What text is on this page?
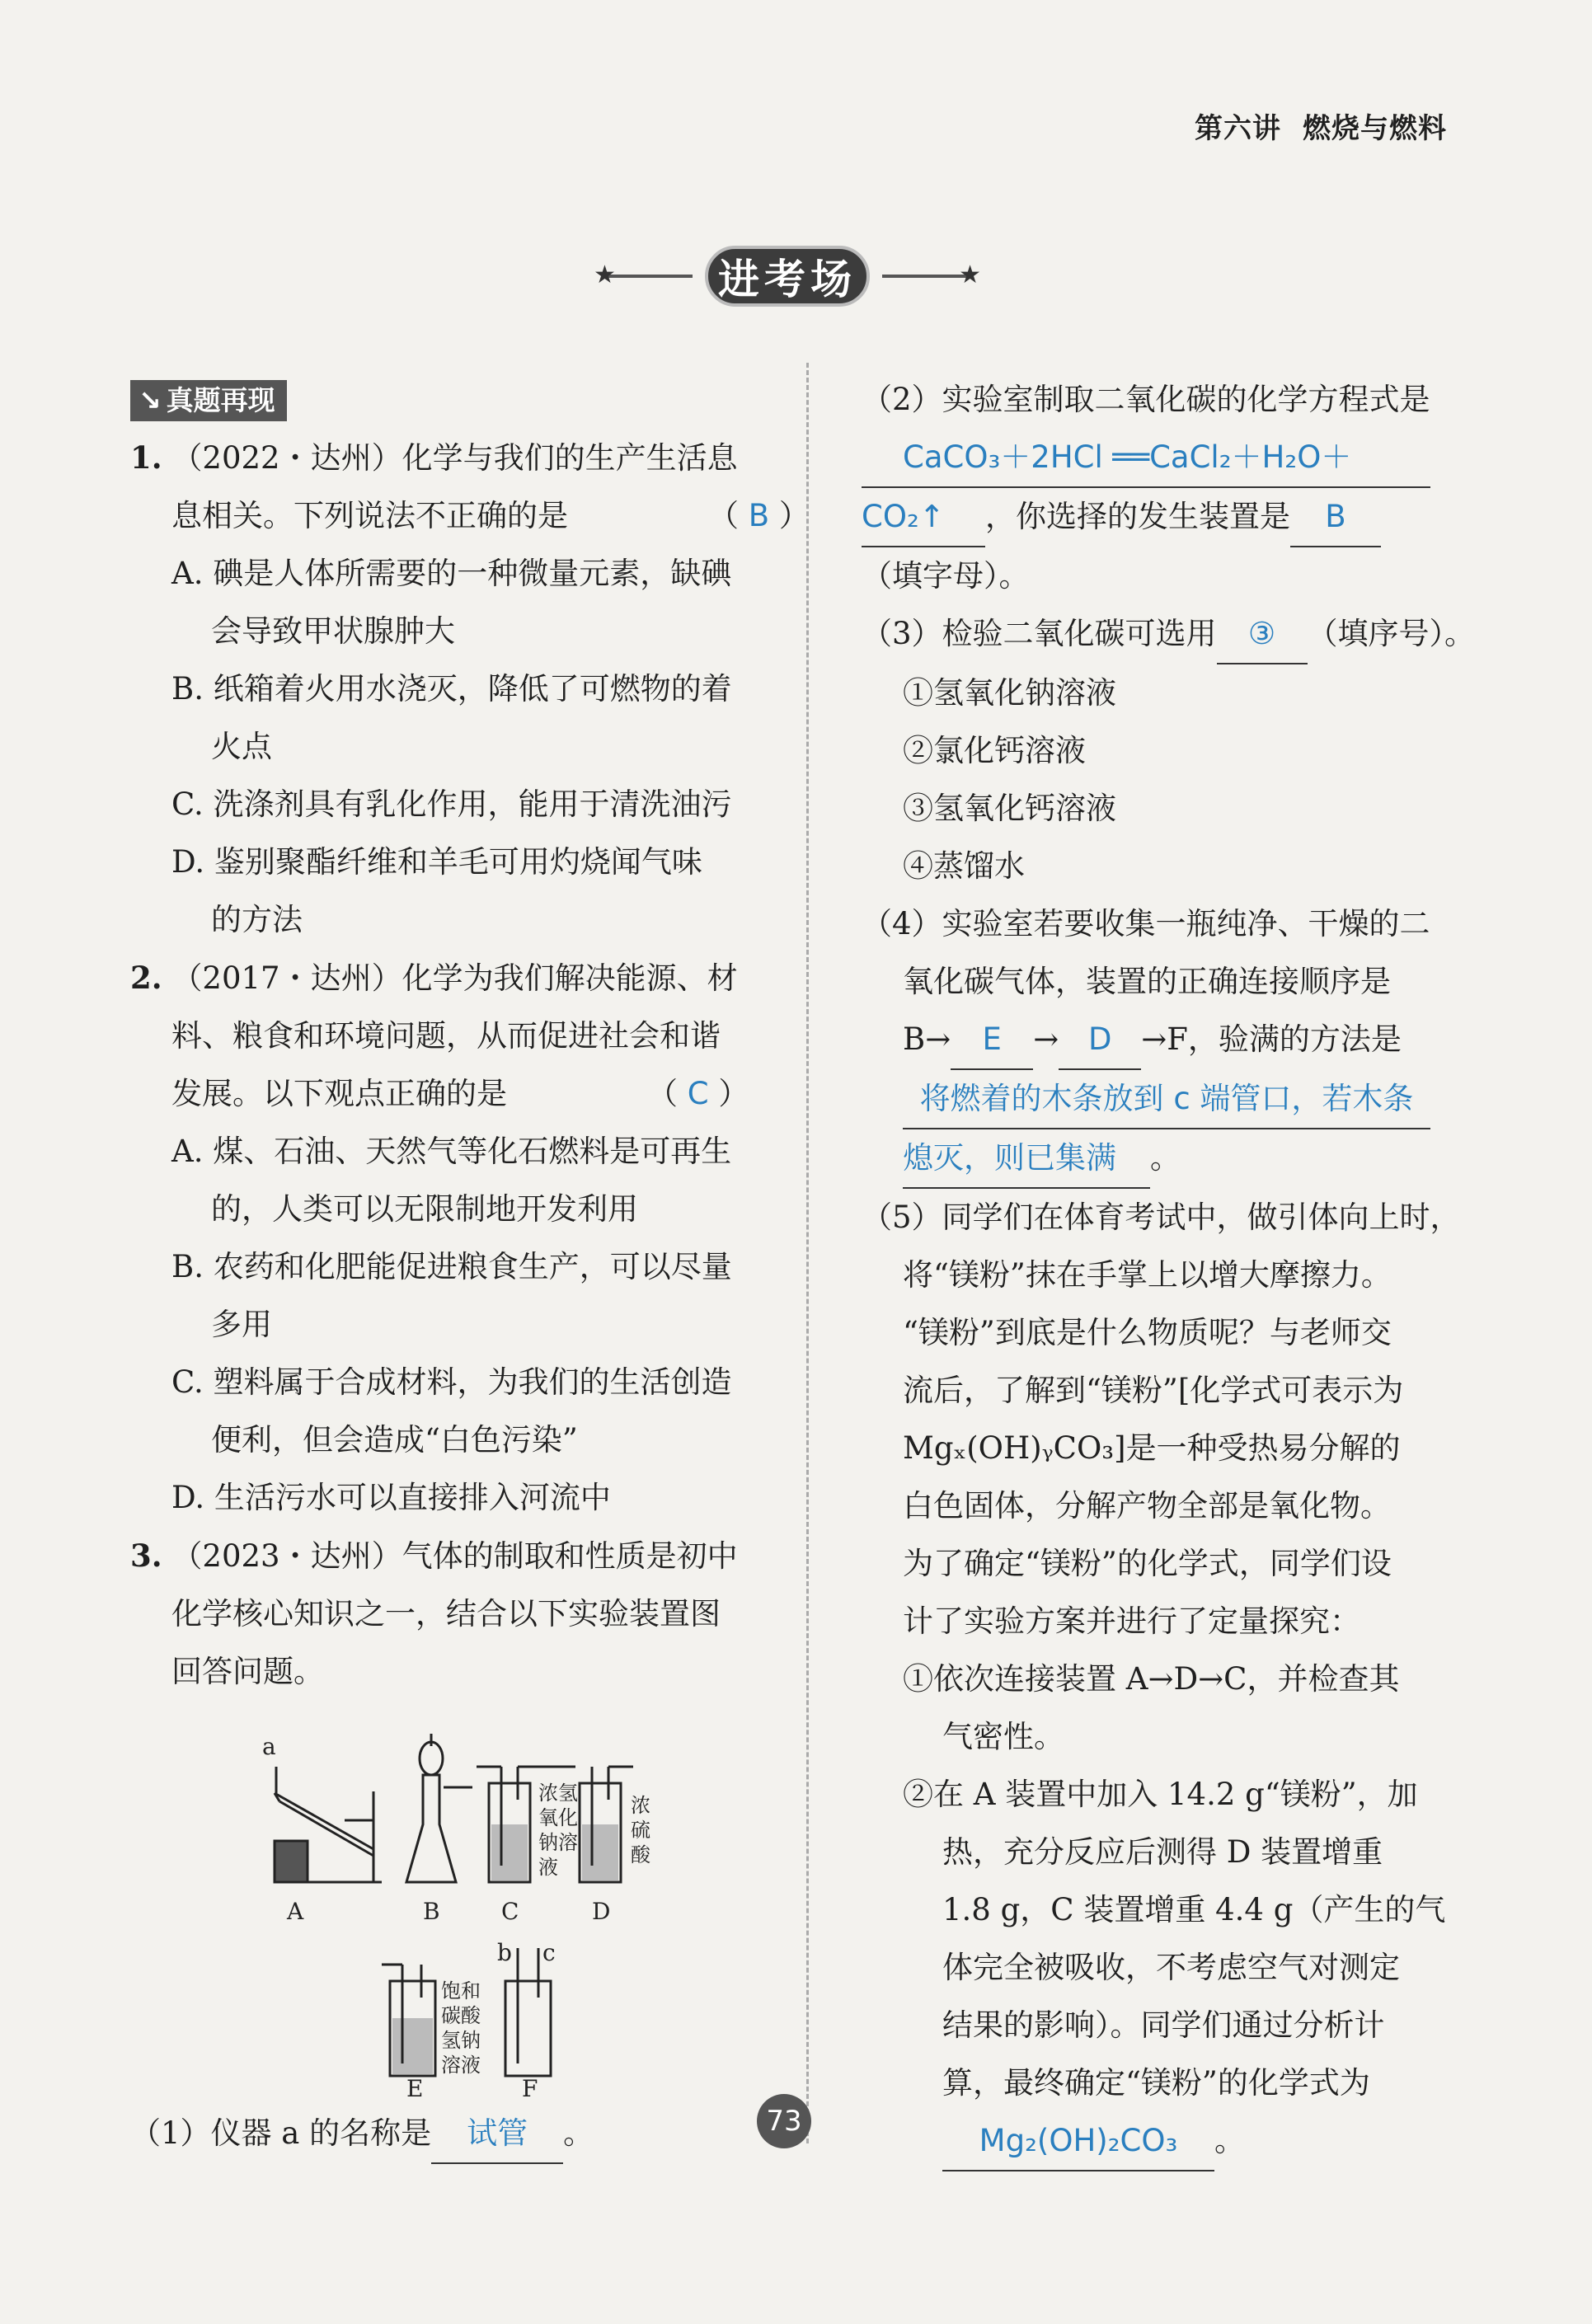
第六讲 燃烧与燃料
★	★
进考场
↘ 真题再现
1. （2022・达州）化学与我们的生产生活息
息相关。下列说法不正确的是	（ B ）
A. 碘是人体所需要的一种微量元素，缺碘
会导致甲状腺肿大
B. 纸箱着火用水浇灭，降低了可燃物的着
火点
C. 洗涤剂具有乳化作用，能用于清洗油污
D. 鉴别聚酯纤维和羊毛可用灼烧闻气味
的方法
2. （2017・达州）化学为我们解决能源、材
料、粮食和环境问题，从而促进社会和谐
发展。以下观点正确的是	（ C ）
A. 煤、石油、天然气等化石燃料是可再生
的，人类可以无限制地开发利用
B. 农药和化肥能促进粮食生产，可以尽量
多用
C. 塑料属于合成材料，为我们的生活创造
便利，但会造成“白色污染”
D. 生活污水可以直接排入河流中
3. （2023・达州）气体的制取和性质是初中
化学核心知识之一，结合以下实验装置图
回答问题。
a
b c
A	B	C	D
E	F
浓氢
氧化
钠溶
液
浓
硫
酸
饱和
碳酸
氢钠
溶液
（1）仪器 a 的名称是 试管 。
（2）实验室制取二氧化碳的化学方程式是
CaCO₃＋2HCl ══CaCl₂＋H₂O＋
CO₂↑ ，你选择的发生装置是 B
（填字母）。
（3）检验二氧化碳可选用 ③ （填序号）。
①氢氧化钠溶液
②氯化钙溶液
③氢氧化钙溶液
④蒸馏水
（4）实验室若要收集一瓶纯净、干燥的二
氧化碳气体，装置的正确连接顺序是
B→ E → D →F，验满的方法是
将燃着的木条放到 c 端管口，若木条
熄灭，则已集满 。
（5）同学们在体育考试中，做引体向上时，
将“镁粉”抹在手掌上以增大摩擦力。
“镁粉”到底是什么物质呢？与老师交
流后，了解到“镁粉”[化学式可表示为
Mgₓ(OH)ᵧCO₃]是一种受热易分解的
白色固体，分解产物全部是氧化物。
为了确定“镁粉”的化学式，同学们设
计了实验方案并进行了定量探究：
①依次连接装置 A→D→C，并检查其
气密性。
②在 A 装置中加入 14.2 g“镁粉”，加
热，充分反应后测得 D 装置增重
1.8 g，C 装置增重 4.4 g（产生的气
体完全被吸收，不考虑空气对测定
结果的影响）。同学们通过分析计
算，最终确定“镁粉”的化学式为
Mg₂(OH)₂CO₃ 。
73
